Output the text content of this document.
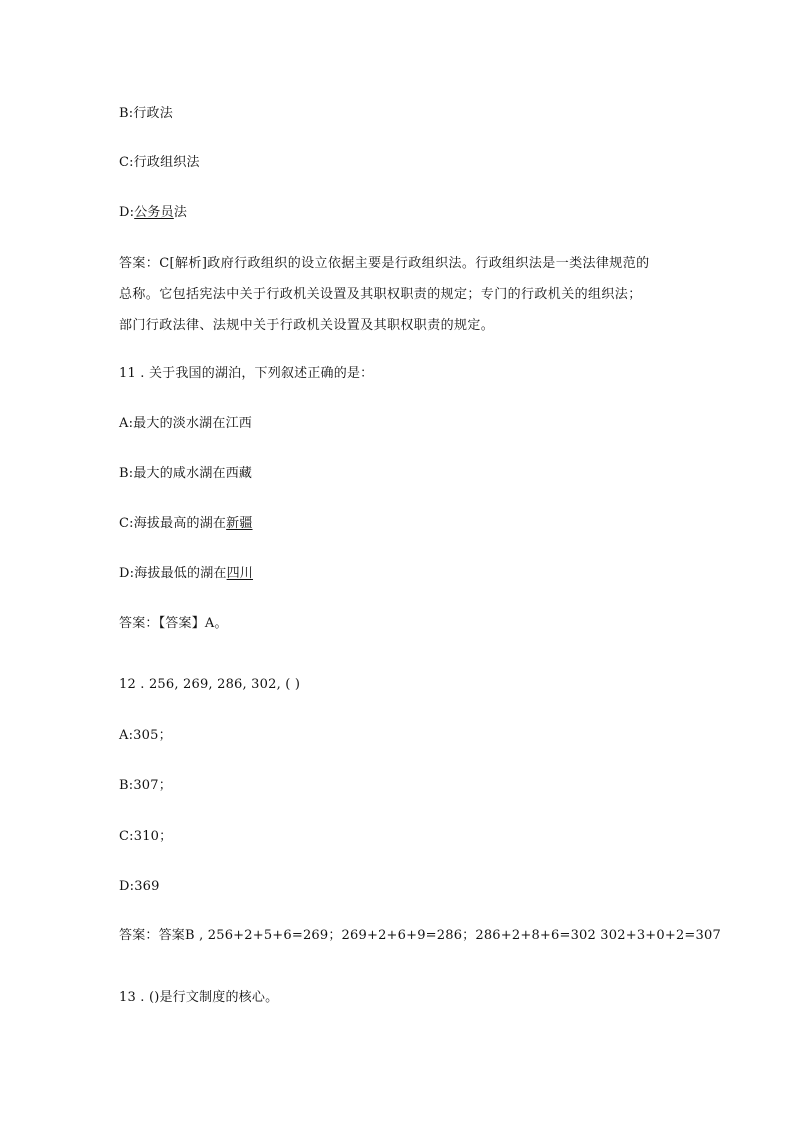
B:行政法
C:行政组织法
D:公务员法
答案：C[解析]政府行政组织的设立依据主要是行政组织法。行政组织法是一类法律规范的
总称。它包括宪法中关于行政机关设置及其职权职责的规定；专门的行政机关的组织法；
部门行政法律、法规中关于行政机关设置及其职权职责的规定。
11 . 关于我国的湖泊，下列叙述正确的是：
A:最大的淡水湖在江西
B:最大的咸水湖在西藏
C:海拔最高的湖在新疆
D:海拔最低的湖在四川
答案：【答案】A。
12 . 256, 269, 286, 302, ( )
A:305；
B:307；
C:310；
D:369
答案：答案B , 256+2+5+6=269；269+2+6+9=286；286+2+8+6=302 302+3+0+2=307
13 . ()是行文制度的核心。
